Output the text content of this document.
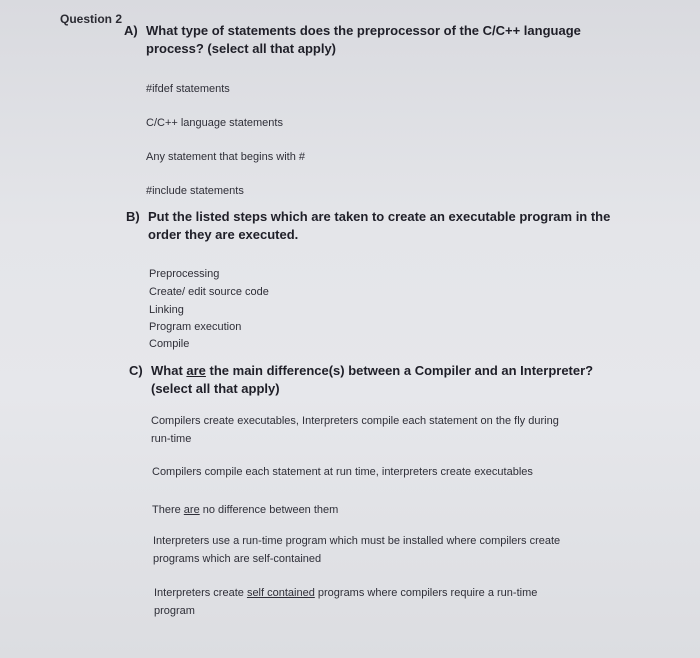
Question 2
A) What type of statements does the preprocessor of the C/C++ language
process? (select all that apply)
#ifdef statements
C/C++ language statements
Any statement that begins with #
#include statements
B) Put the listed steps which are taken to create an executable program in the
order they are executed.
Preprocessing
Create/ edit source code
Linking
Program execution
Compile
C) What are the main difference(s) between a Compiler and an Interpreter?
(select all that apply)
Compilers create executables, Interpreters compile each statement on the fly during
run-time
Compilers compile each statement at run time, interpreters create executables
There are no difference between them
Interpreters use a run-time program which must be installed where compilers create
programs which are self-contained
Interpreters create self contained programs where compilers require a run-time
program
